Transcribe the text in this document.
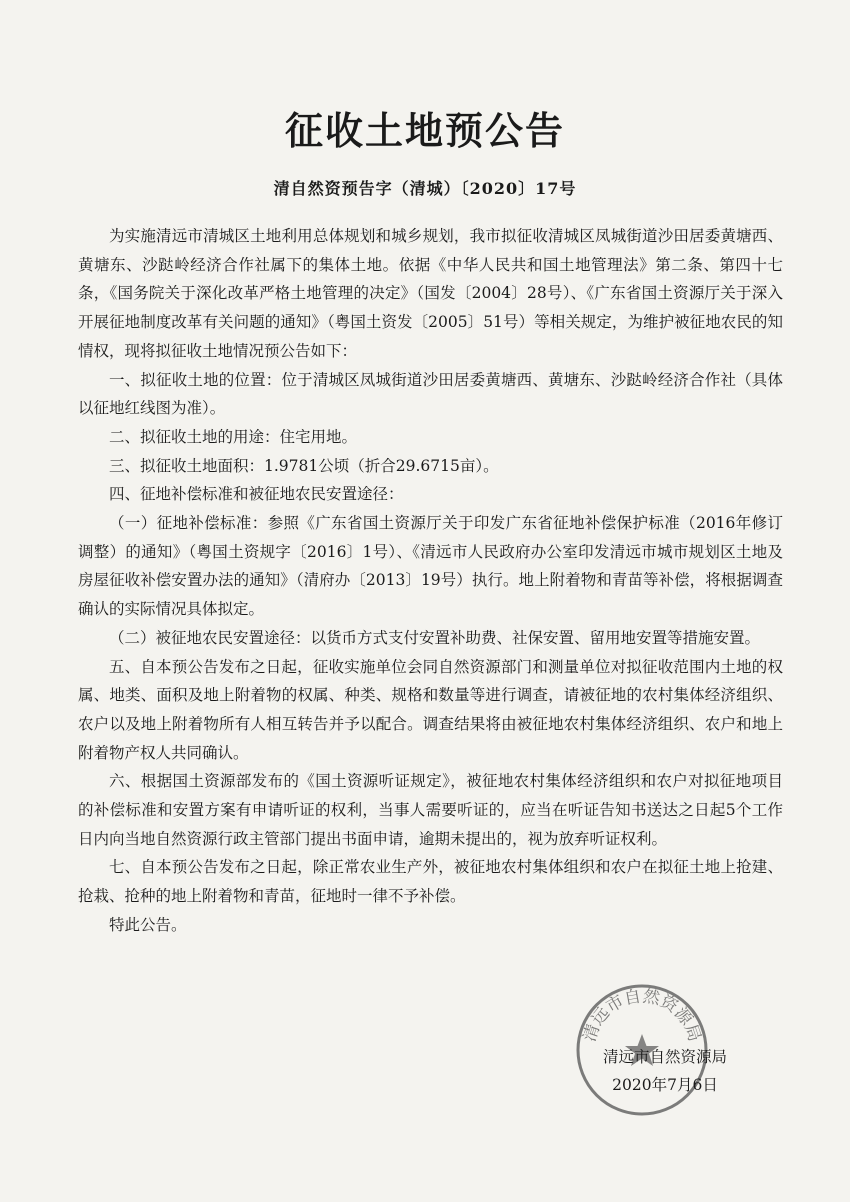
征收土地预公告
清自然资预告字（清城）〔2020〕17号

为实施清远市清城区土地利用总体规划和城乡规划，我市拟征收清城区凤城街道沙田居委黄塘西、黄塘东、沙跶岭经济合作社属下的集体土地。依据《中华人民共和国土地管理法》第二条、第四十七条，《国务院关于深化改革严格土地管理的决定》（国发〔2004〕28号）、《广东省国土资源厅关于深入开展征地制度改革有关问题的通知》（粤国土资发〔2005〕51号）等相关规定，为维护被征地农民的知情权，现将拟征收土地情况预公告如下：

一、拟征收土地的位置：位于清城区凤城街道沙田居委黄塘西、黄塘东、沙跶岭经济合作社（具体以征地红线图为准）。

二、拟征收土地的用途：住宅用地。

三、拟征收土地面积：1.9781公顷（折合29.6715亩）。

四、征地补偿标准和被征地农民安置途径：

（一）征地补偿标准：参照《广东省国土资源厅关于印发广东省征地补偿保护标准（2016年修订调整）的通知》（粤国土资规字〔2016〕1号）、《清远市人民政府办公室印发清远市城市规划区土地及房屋征收补偿安置办法的通知》（清府办〔2013〕19号）执行。地上附着物和青苗等补偿，将根据调查确认的实际情况具体拟定。

（二）被征地农民安置途径：以货币方式支付安置补助费、社保安置、留用地安置等措施安置。

五、自本预公告发布之日起，征收实施单位会同自然资源部门和测量单位对拟征收范围内土地的权属、地类、面积及地上附着物的权属、种类、规格和数量等进行调查，请被征地的农村集体经济组织、农户以及地上附着物所有人相互转告并予以配合。调查结果将由被征地农村集体经济组织、农户和地上附着物产权人共同确认。

六、根据国土资源部发布的《国土资源听证规定》，被征地农村集体经济组织和农户对拟征地项目的补偿标准和安置方案有申请听证的权利，当事人需要听证的，应当在听证告知书送达之日起5个工作日内向当地自然资源行政主管部门提出书面申请，逾期未提出的，视为放弃听证权利。

七、自本预公告发布之日起，除正常农业生产外，被征地农村集体组织和农户在拟征土地上抢建、抢栽、抢种的地上附着物和青苗，征地时一律不予补偿。

特此公告。

清远市自然资源局
清远市自然资源局
2020年7月6日
